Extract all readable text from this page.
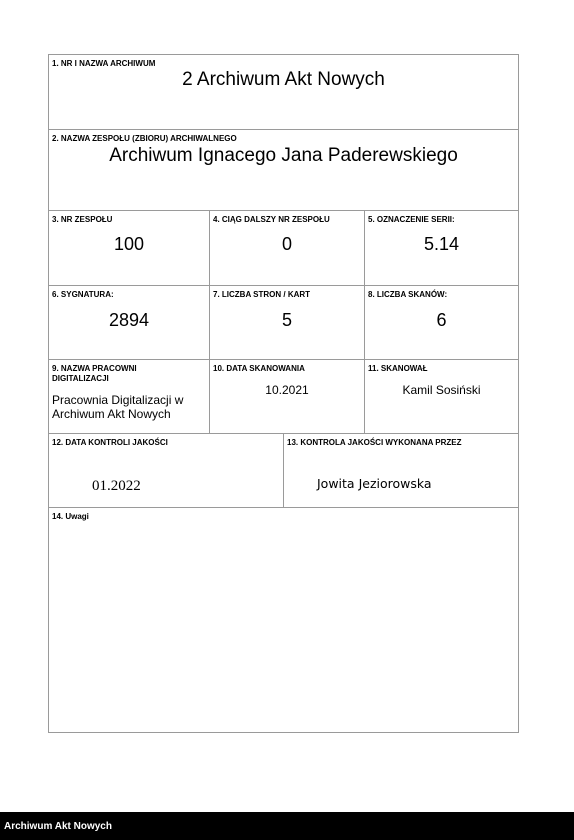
1. NR I NAZWA ARCHIWUM
2 Archiwum Akt Nowych
2. NAZWA ZESPOŁU (ZBIORU) ARCHIWALNEGO
Archiwum Ignacego Jana Paderewskiego
3. NR ZESPOŁU
100
4. CIĄG DALSZY NR ZESPOŁU
0
5. OZNACZENIE SERII:
5.14
6. SYGNATURA:
2894
7. LICZBA STRON / KART
5
8. LICZBA SKANÓW:
6
9. NAZWA PRACOWNI DIGITALIZACJI
Pracownia Digitalizacji w
Archiwum Akt Nowych
10. DATA SKANOWANIA
10.2021
11. SKANOWAŁ
Kamil Sosiński
12. DATA KONTROLI JAKOŚCI
01.2022
13. KONTROLA JAKOŚCI WYKONANA PRZEZ
Jowita Jeziorowska
14. Uwagi
Archiwum Akt Nowych
